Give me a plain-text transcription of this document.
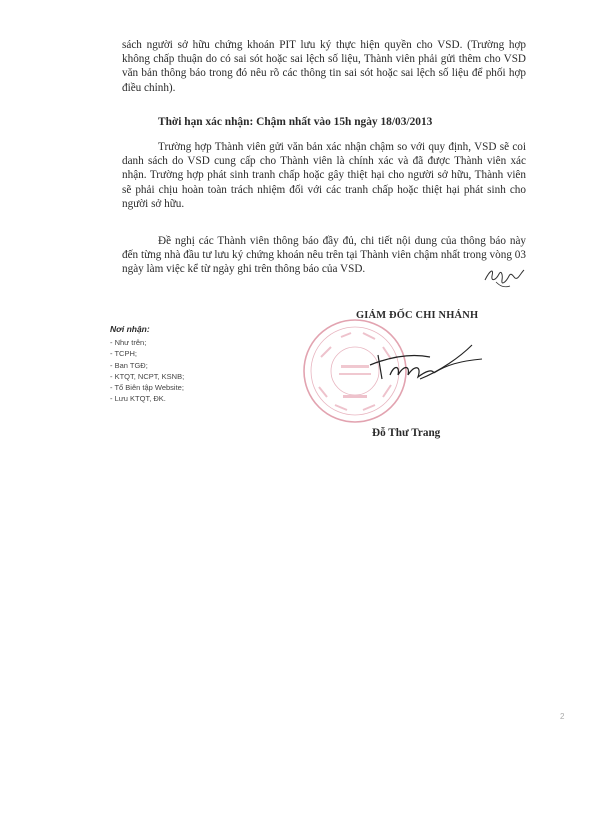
sách người sở hữu chứng khoán PIT lưu ký thực hiện quyền cho VSD. (Trường hợp không chấp thuận do có sai sót hoặc sai lệch số liệu, Thành viên phải gửi thêm cho VSD văn bản thông báo trong đó nêu rõ các thông tin sai sót hoặc sai lệch số liệu để phối hợp điều chỉnh).

Thời hạn xác nhận: Chậm nhất vào 15h ngày 18/03/2013

Trường hợp Thành viên gửi văn bản xác nhận chậm so với quy định, VSD sẽ coi danh sách do VSD cung cấp cho Thành viên là chính xác và đã được Thành viên xác nhận. Trường hợp phát sinh tranh chấp hoặc gây thiệt hại cho người sở hữu, Thành viên sẽ phải chịu hoàn toàn trách nhiệm đối với các tranh chấp hoặc thiệt hại phát sinh cho người sở hữu.

Đề nghị các Thành viên thông báo đầy đủ, chi tiết nội dung của thông báo này đến từng nhà đầu tư lưu ký chứng khoán nêu trên tại Thành viên chậm nhất trong vòng 03 ngày làm việc kể từ ngày ghi trên thông báo của VSD.

Nơi nhận:
- Như trên;
- TCPH;
- Ban TGĐ;
- KTQT, NCPT, KSNB;
- Tổ Biên tập Website;
- Lưu KTQT, ĐK.
GIÁM ĐỐC CHI NHÁNH
Đỗ Thư Trang
2
